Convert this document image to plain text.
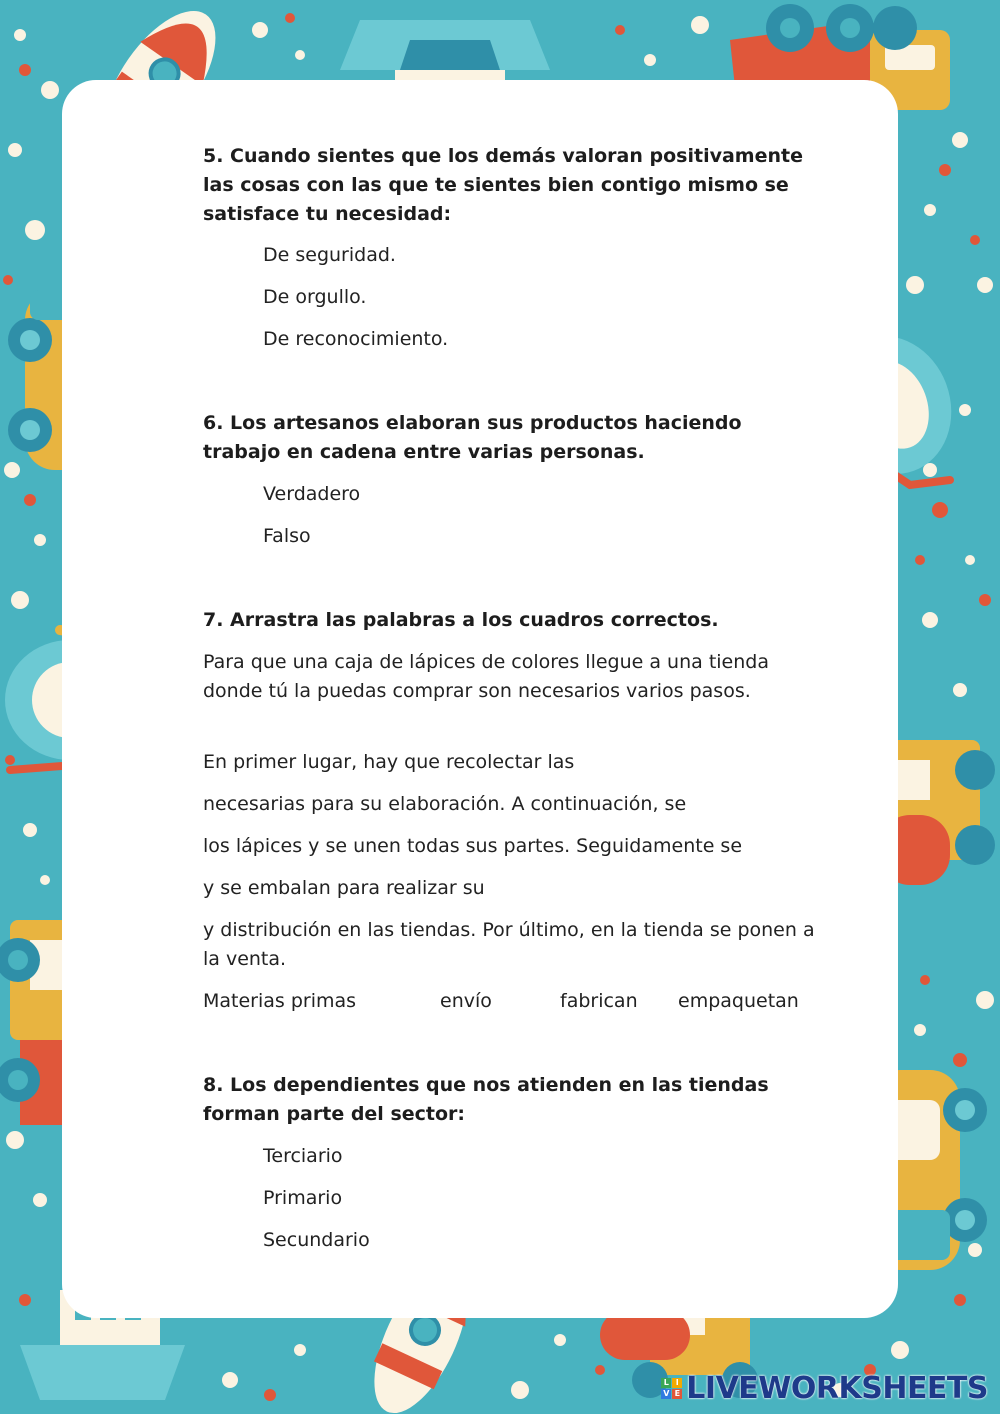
5. Cuando sientes que los demás valoran positivamente las cosas con las que te sientes bien contigo mismo se satisface tu necesidad:
De seguridad.
De orgullo.
De reconocimiento.
6. Los artesanos elaboran sus productos haciendo trabajo en cadena entre varias personas.
Verdadero
Falso
7. Arrastra las palabras a los cuadros correctos.
Para que una caja de lápices de colores llegue a una tienda donde tú la puedas comprar son necesarios varios pasos.
En primer lugar, hay que recolectar las
necesarias para su elaboración. A continuación, se
los lápices y se unen todas sus partes. Seguidamente se
y se embalan para realizar su
y distribución en las tiendas. Por último, en la tienda se ponen a la venta.
Materias primas	envío	fabrican empaquetan
8. Los dependientes que nos atienden en las tiendas forman parte del sector:
Terciario
Primario
Secundario
L I
V E LIVEWORKSHEETS
